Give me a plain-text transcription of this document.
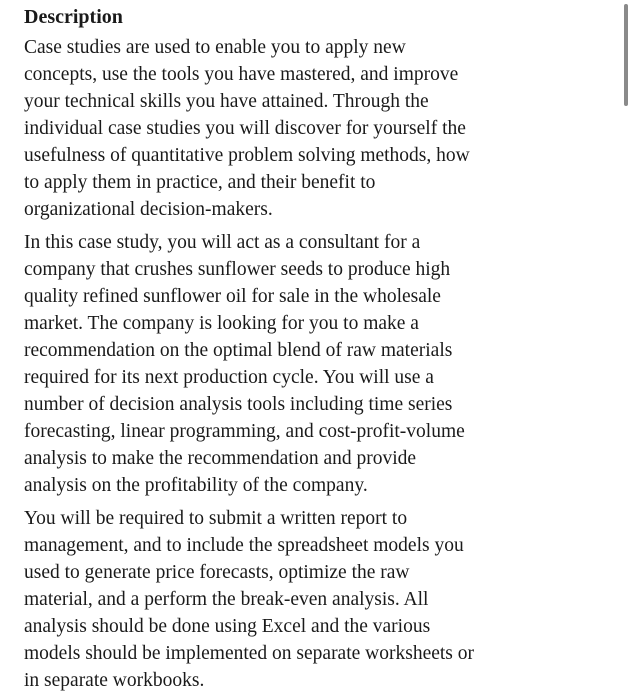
Description
Case studies are used to enable you to apply new
concepts, use the tools you have mastered, and improve
your technical skills you have attained. Through the
individual case studies you will discover for yourself the
usefulness of quantitative problem solving methods, how
to apply them in practice, and their benefit to
organizational decision-makers.
In this case study, you will act as a consultant for a
company that crushes sunflower seeds to produce high
quality refined sunflower oil for sale in the wholesale
market. The company is looking for you to make a
recommendation on the optimal blend of raw materials
required for its next production cycle. You will use a
number of decision analysis tools including time series
forecasting, linear programming, and cost-profit-volume
analysis to make the recommendation and provide
analysis on the profitability of the company.
You will be required to submit a written report to
management, and to include the spreadsheet models you
used to generate price forecasts, optimize the raw
material, and a perform the break-even analysis. All
analysis should be done using Excel and the various
models should be implemented on separate worksheets or
in separate workbooks.
